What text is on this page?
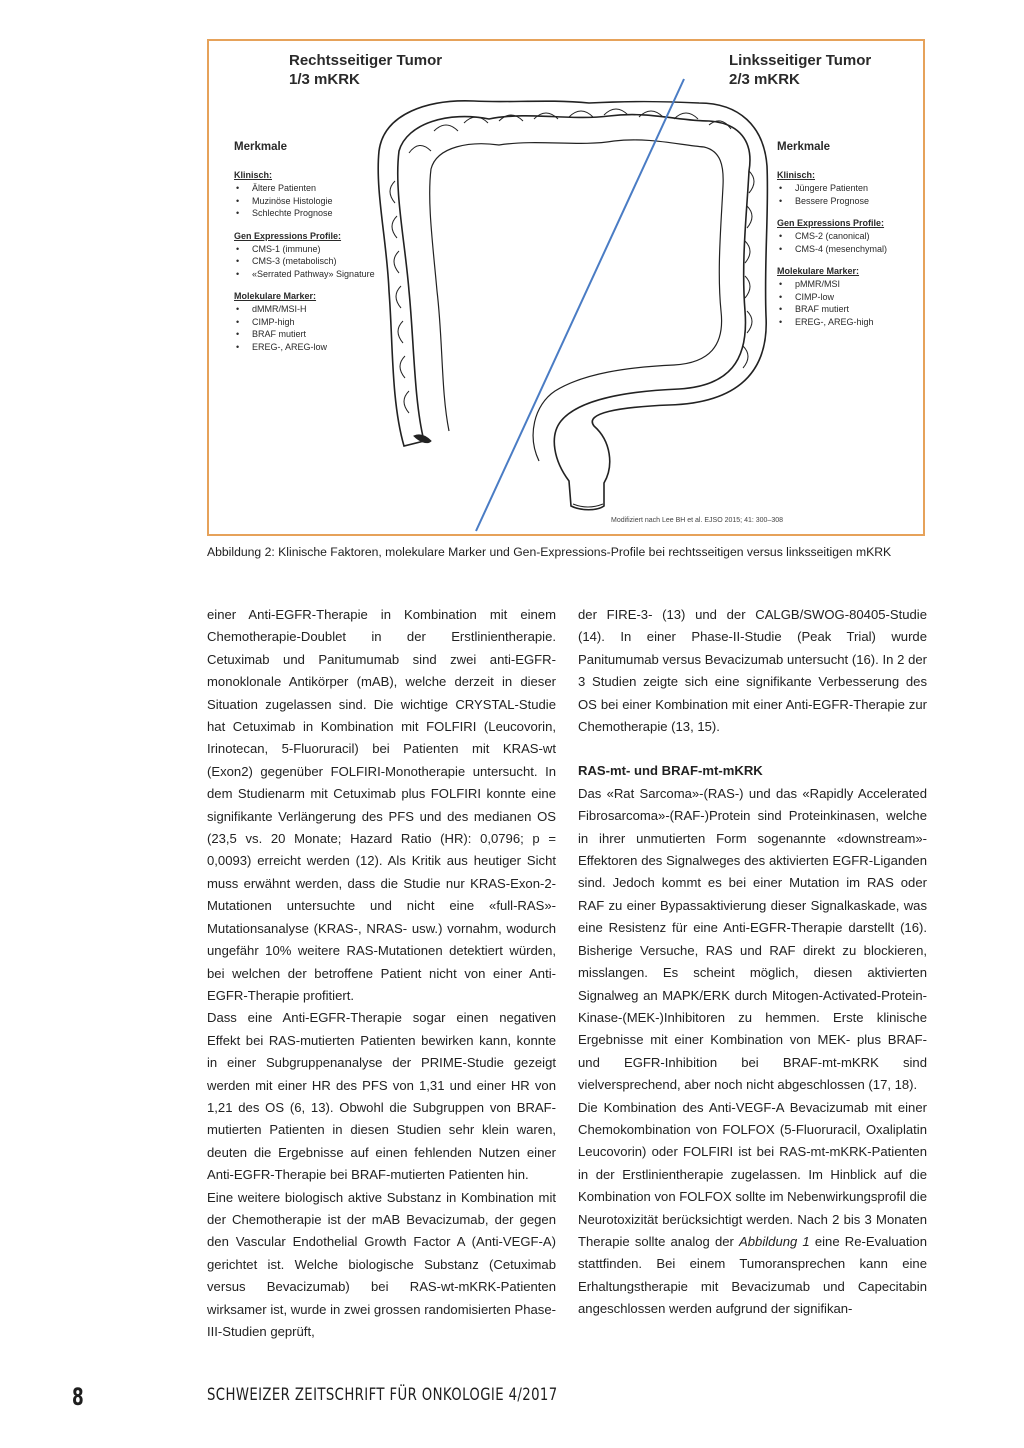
Rechtsseitiger Tumor
1/3 mKRK
Linksseitiger Tumor
2/3 mKRK
Merkmale
Klinisch:
• Ältere Patienten
• Muzinöse Histologie
• Schlechte Prognose
Gen Expressions Profile:
• CMS-1 (immune)
• CMS-3 (metabolisch)
• «Serrated Pathway» Signature
Molekulare Marker:
• dMMR/MSI-H
• CIMP-high
• BRAF mutiert
• EREG-, AREG-low
Merkmale
Klinisch:
• Jüngere Patienten
• Bessere Prognose
Gen Expressions Profile:
• CMS-2 (canonical)
• CMS-4 (mesenchymal)
Molekulare Marker:
• pMMR/MSI
• CIMP-low
• BRAF mutiert
• EREG-, AREG-high
Modifiziert nach Lee BH et al. EJSO 2015; 41: 300–308
Abbildung 2: Klinische Faktoren, molekulare Marker und Gen-Expressions-Profile bei rechtsseitigen versus linksseitigen mKRK

einer Anti-EGFR-Therapie in Kombination mit einem Chemotherapie-Doublet in der Erstlinientherapie. Cetuximab und Panitumumab sind zwei anti-EGFR-monoklonale Antikörper (mAB), welche derzeit in dieser Situation zugelassen sind. Die wichtige CRYSTAL-Studie hat Cetuximab in Kombination mit FOLFIRI (Leucovorin, Irinotecan, 5-Fluoruracil) bei Patienten mit KRAS-wt (Exon2) gegenüber FOLFIRI-Monotherapie untersucht. In dem Studienarm mit Cetuximab plus FOLFIRI konnte eine signifikante Verlängerung des PFS und des medianen OS (23,5 vs. 20 Monate; Hazard Ratio (HR): 0,0796; p = 0,0093) erreicht werden (12). Als Kritik aus heutiger Sicht muss erwähnt werden, dass die Studie nur KRAS-Exon-2-Mutationen untersuchte und nicht eine «full-RAS»-Mutationsanalyse (KRAS-, NRAS- usw.) vornahm, wodurch ungefähr 10% weitere RAS-Mutationen detektiert würden, bei welchen der betroffene Patient nicht von einer Anti-EGFR-Therapie profitiert.

Dass eine Anti-EGFR-Therapie sogar einen negativen Effekt bei RAS-mutierten Patienten bewirken kann, konnte in einer Subgruppenanalyse der PRIME-Studie gezeigt werden mit einer HR des PFS von 1,31 und einer HR von 1,21 des OS (6, 13). Obwohl die Subgruppen von BRAF-mutierten Patienten in diesen Studien sehr klein waren, deuten die Ergebnisse auf einen fehlenden Nutzen einer Anti-EGFR-Therapie bei BRAF-mutierten Patienten hin.

Eine weitere biologisch aktive Substanz in Kombination mit der Chemotherapie ist der mAB Bevacizumab, der gegen den Vascular Endothelial Growth Factor A (Anti-VEGF-A) gerichtet ist. Welche biologische Substanz (Cetuximab versus Bevacizumab) bei RAS-wt-mKRK-Patienten wirksamer ist, wurde in zwei grossen randomisierten Phase-III-Studien geprüft,

der FIRE-3- (13) und der CALGB/SWOG-80405-Studie (14). In einer Phase-II-Studie (Peak Trial) wurde Panitumumab versus Bevacizumab untersucht (16). In 2 der 3 Studien zeigte sich eine signifikante Verbesserung des OS bei einer Kombination mit einer Anti-EGFR-Therapie zur Chemotherapie (13, 15).

RAS-mt- und BRAF-mt-mKRK

Das «Rat Sarcoma»-(RAS-) und das «Rapidly Accelerated Fibrosarcoma»-(RAF-)Protein sind Proteinkinasen, welche in ihrer unmutierten Form sogenannte «downstream»-Effektoren des Signalweges des aktivierten EGFR-Liganden sind. Jedoch kommt es bei einer Mutation im RAS oder RAF zu einer Bypassaktivierung dieser Signalkaskade, was eine Resistenz für eine Anti-EGFR-Therapie darstellt (16). Bisherige Versuche, RAS und RAF direkt zu blockieren, misslangen. Es scheint möglich, diesen aktivierten Signalweg an MAPK/ERK durch Mitogen-Activated-Protein-Kinase-(MEK-)Inhibitoren zu hemmen. Erste klinische Ergebnisse mit einer Kombination von MEK- plus BRAF- und EGFR-Inhibition bei BRAF-mt-mKRK sind vielversprechend, aber noch nicht abgeschlossen (17, 18).

Die Kombination des Anti-VEGF-A Bevacizumab mit einer Chemokombination von FOLFOX (5-Fluoruracil, Oxaliplatin Leucovorin) oder FOLFIRI ist bei RAS-mt-mKRK-Patienten in der Erstlinientherapie zugelassen. Im Hinblick auf die Kombination von FOLFOX sollte im Nebenwirkungsprofil die Neurotoxizität berücksichtigt werden. Nach 2 bis 3 Monaten Therapie sollte analog der Abbildung 1 eine Re-Evaluation stattfinden. Bei einem Tumoransprechen kann eine Erhaltungstherapie mit Bevacizumab und Capecitabin angeschlossen werden aufgrund der signifikan-

8	SCHWEIZER ZEITSCHRIFT FÜR ONKOLOGIE 4/2017
